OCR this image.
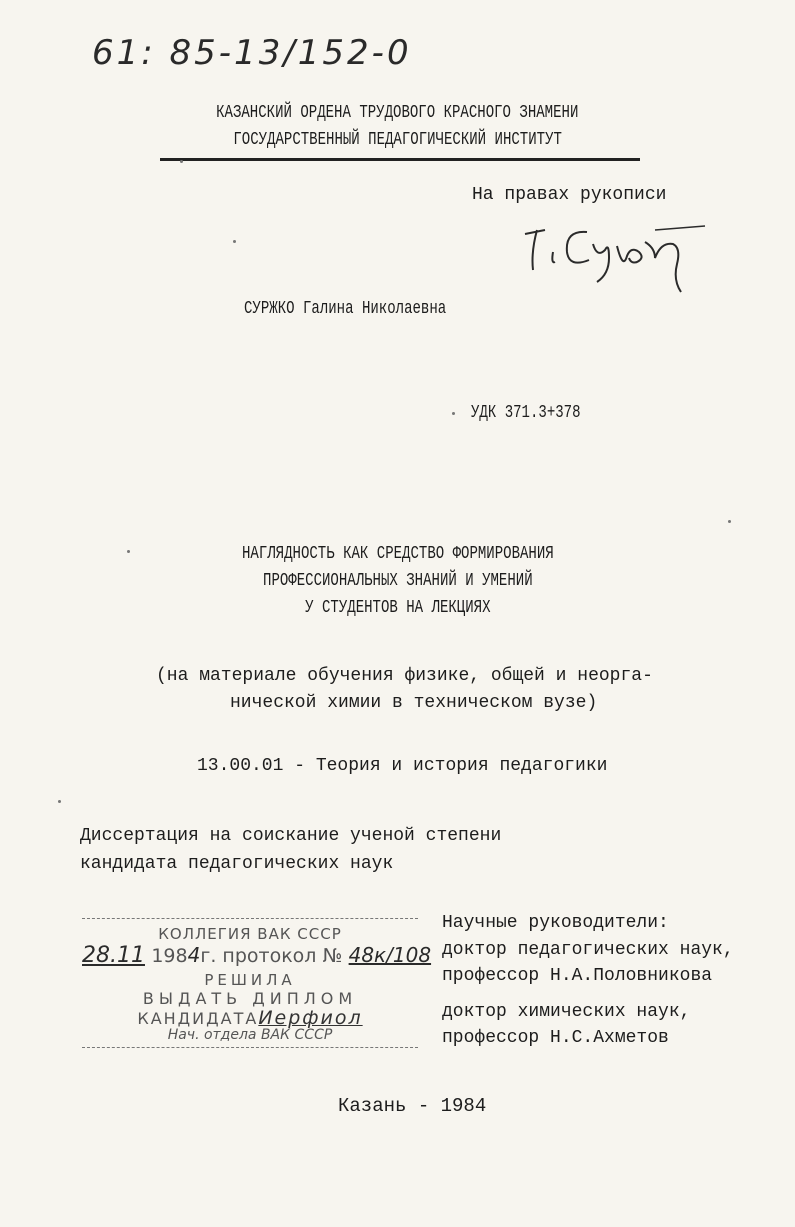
61: 85-13/152-0
КАЗАНСКИЙ ОРДЕНА ТРУДОВОГО КРАСНОГО ЗНАМЕНИ
ГОСУДАРСТВЕННЫЙ ПЕДАГОГИЧЕСКИЙ ИНСТИТУТ
На правах рукописи
СУРЖКО Галина Николаевна
УДК 371.3+378
НАГЛЯДНОСТЬ КАК СРЕДСТВО ФОРМИРОВАНИЯ
ПРОФЕССИОНАЛЬНЫХ ЗНАНИЙ И УМЕНИЙ
У СТУДЕНТОВ НА ЛЕКЦИЯХ
(на материале обучения физике, общей и неорга-
нической химии в техническом вузе)
13.00.01 - Теория и история педагогики
Диссертация на соискание ученой степени
кандидата педагогических наук
КОЛЛЕГИЯ ВАК СССР
28.11 1984г. протокол № 48к/108
РЕШИЛА
ВЫДАТЬ ДИПЛОМ
КАНДИДАТАИерфиол
Нач. отдела ВАК СССР
Научные руководители:
доктор педагогических наук,
профессор Н.А.Половникова
доктор химических наук,
профессор Н.С.Ахметов
Казань - 1984
